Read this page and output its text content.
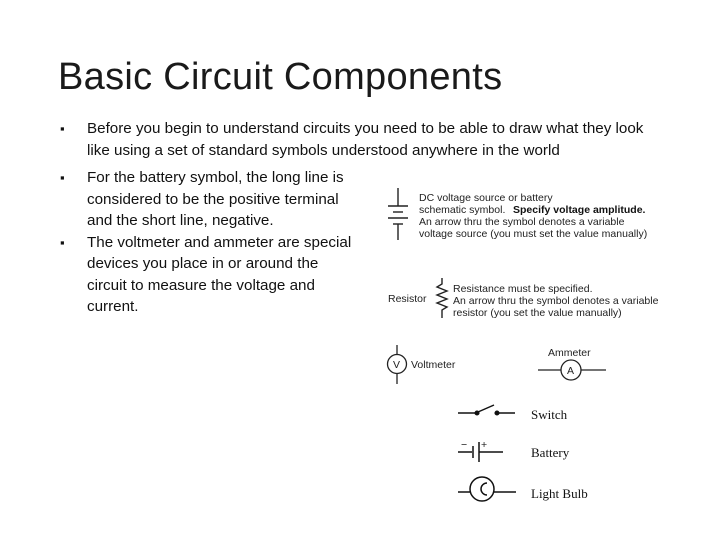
Basic Circuit Components
▪ Before you begin to understand circuits you need to be able to draw what they look like using a set of standard symbols understood anywhere in the world
▪ For the battery symbol, the long line is considered to be the positive terminal and the short line, negative.
▪ The voltmeter and ammeter are special devices you place in or around the circuit to measure the voltage and current.
DC voltage source or battery
schematic symbol. Specify voltage amplitude.
An arrow thru the symbol denotes a variable
voltage source (you must set the value manually)
Resistor
Resistance must be specified.
An arrow thru the symbol denotes a variable
resistor (you set the value manually)
V Voltmeter
Ammeter
A
Switch
− +	Battery
Light Bulb
